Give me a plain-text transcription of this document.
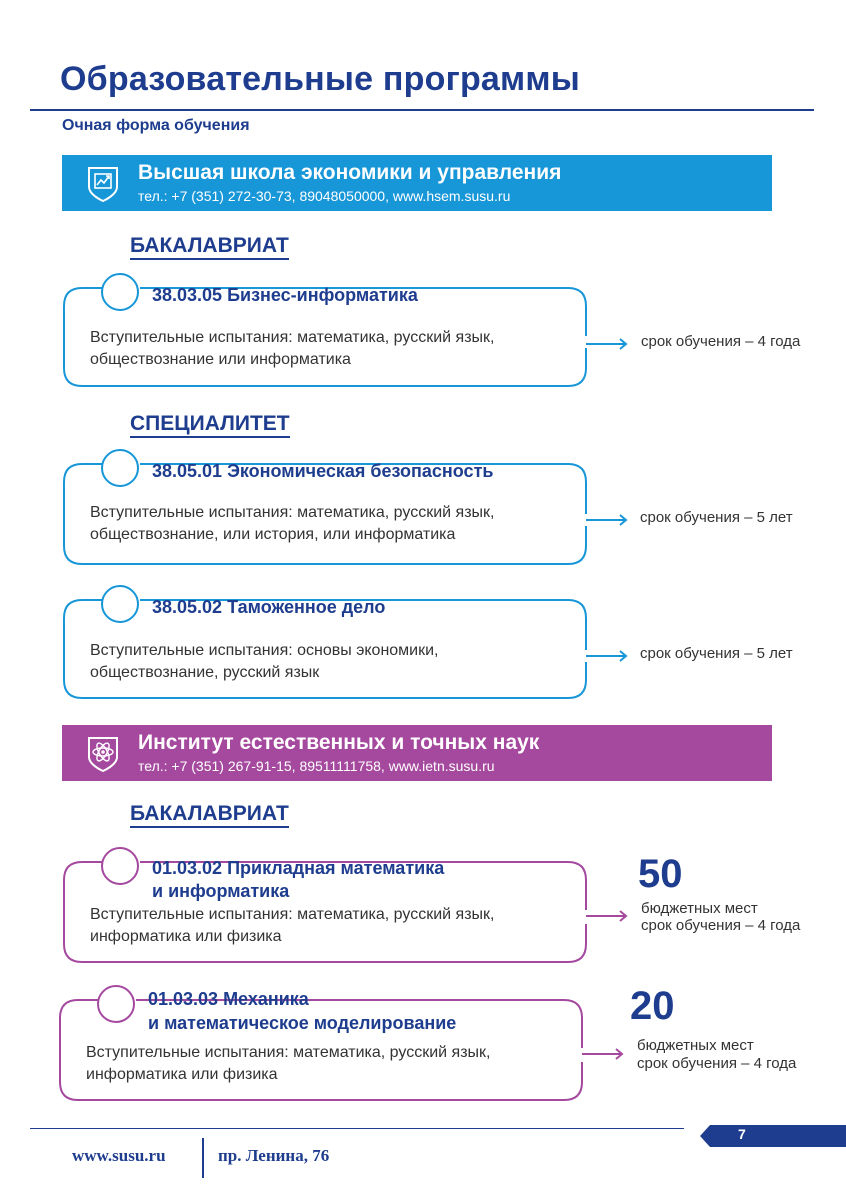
Образовательные программы
Очная форма обучения
Высшая школа экономики и управления
тел.: +7 (351) 272-30-73, 89048050000, www.hsem.susu.ru
БАКАЛАВРИАТ
38.03.05 Бизнес-информатика
Вступительные испытания: математика, русский язык,
обществознание или информатика
срок обучения – 4 года
СПЕЦИАЛИТЕТ
38.05.01 Экономическая безопасность
Вступительные испытания: математика, русский язык,
обществознание, или история, или информатика
срок обучения – 5 лет
38.05.02 Таможенное дело
Вступительные испытания: основы экономики,
обществознание, русский язык
срок обучения – 5 лет
Институт естественных и точных наук
тел.: +7 (351) 267-91-15, 89511111758, www.ietn.susu.ru
БАКАЛАВРИАТ
01.03.02 Прикладная математика
и информатика
Вступительные испытания: математика, русский язык,
информатика или физика
50
бюджетных мест
срок обучения – 4 года
01.03.03 Механика
и математическое моделирование
Вступительные испытания: математика, русский язык,
информатика или физика
20
бюджетных мест
срок обучения – 4 года
7
www.susu.ru	пр. Ленина, 76
